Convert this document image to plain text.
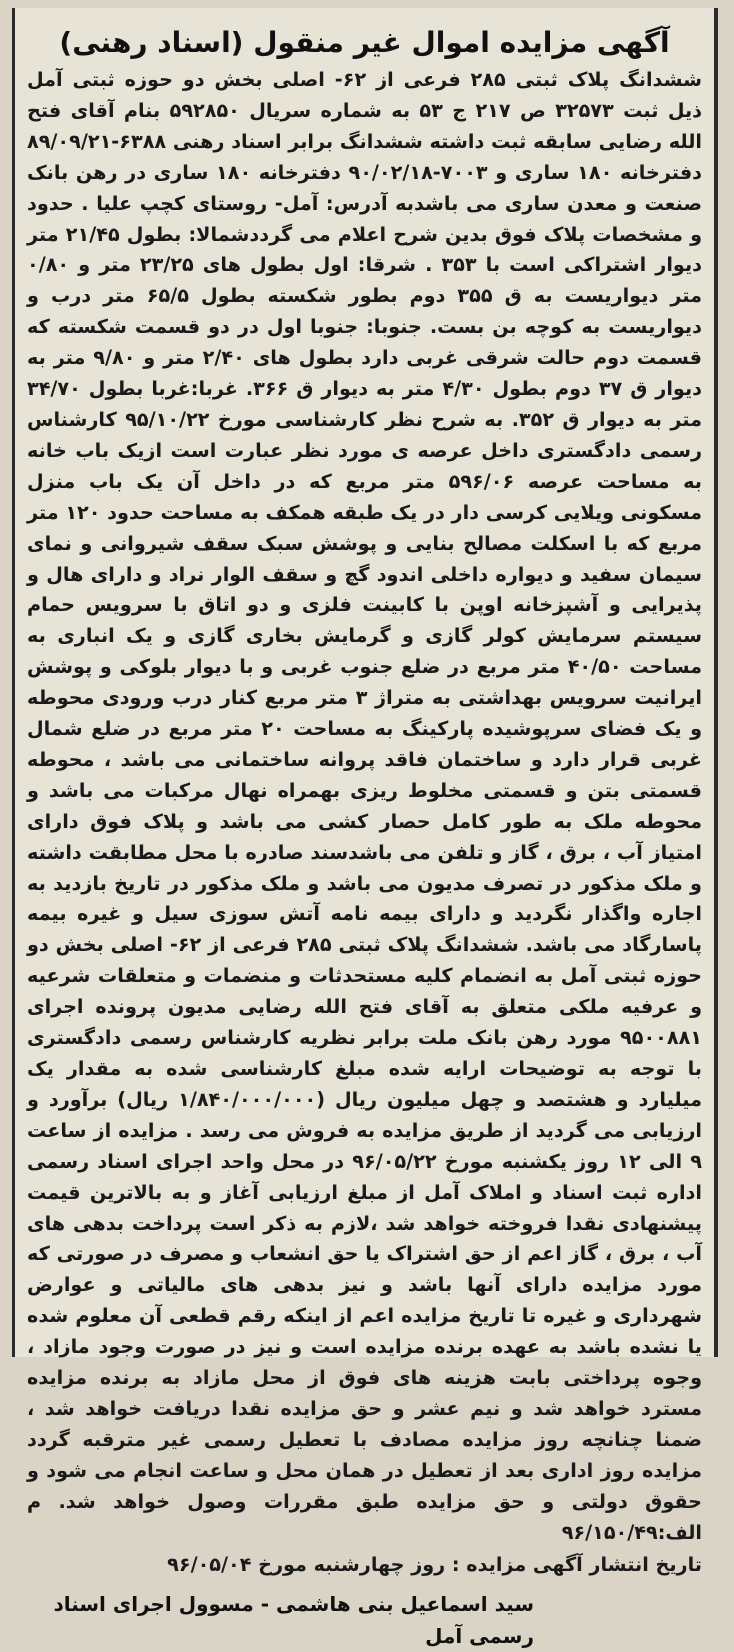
آگهی مزایده اموال غیر منقول (اسناد رهنی)
ششدانگ پلاک ثبتی ۲۸۵ فرعی از ۶۲- اصلی بخش دو حوزه ثبتی آمل ذیل ثبت ۳۲۵۷۳ ص ۲۱۷ ج ۵۳ به شماره سریال ۵۹۲۸۵۰ بنام آقای فتح الله رضایی سابقه ثبت داشته ششدانگ برابر اسناد رهنی ۶۳۸۸-۸۹/۰۹/۲۱ دفترخانه ۱۸۰ ساری و ۷۰۰۳-۹۰/۰۲/۱۸ دفترخانه ۱۸۰ ساری در رهن بانک صنعت و معدن ساری می باشدبه آدرس: آمل- روستای کچپ علیا . حدود و مشخصات پلاک فوق بدین شرح اعلام می گرددشمالا: بطول ۲۱/۴۵ متر دیوار اشتراکی است با ۳۵۳ . شرقا: اول بطول های ۲۳/۲۵ متر و ۰/۸۰ متر دیواریست به ق ۳۵۵ دوم بطور شکسته بطول ۶۵/۵ متر درب و دیواریست به کوچه بن بست. جنوبا: جنوبا اول در دو قسمت شکسته که قسمت دوم حالت شرقی غربی دارد بطول های ۲/۴۰ متر و ۹/۸۰ متر به دیوار ق ۳۷ دوم بطول ۴/۳۰ متر به دیوار ق ۳۶۶. غربا:غربا بطول ۳۴/۷۰ متر به دیوار ق ۳۵۲. به شرح نظر کارشناسی مورخ ۹۵/۱۰/۲۲ کارشناس رسمی دادگستری داخل عرصه ی مورد نظر عبارت است ازیک باب خانه به مساحت عرصه ۵۹۶/۰۶ متر مربع که در داخل آن یک باب منزل مسکونی ویلایی کرسی دار در یک طبقه همکف به مساحت حدود ۱۲۰ متر مربع که با اسکلت مصالح بنایی و پوشش سبک سقف شیروانی و نمای سیمان سفید و دیواره داخلی اندود گچ و سقف الوار نراد و دارای هال و پذیرایی و آشپزخانه اوپن با کابینت فلزی و دو اتاق با سرویس حمام سیستم سرمایش کولر گازی و گرمایش بخاری گازی و یک انباری به مساحت ۴۰/۵۰ متر مربع در ضلع جنوب غربی و با دیوار بلوکی و پوشش ایرانیت سرویس بهداشتی به متراژ ۳ متر مربع کنار درب ورودی محوطه و یک فضای سرپوشیده پارکینگ به مساحت ۲۰ متر مربع در ضلع شمال غربی قرار دارد و ساختمان فاقد پروانه ساختمانی می باشد ، محوطه قسمتی بتن و قسمتی مخلوط ریزی بهمراه نهال مرکبات می باشد و محوطه ملک به طور کامل حصار کشی می باشد و پلاک فوق دارای امتیاز آب ، برق ، گاز و تلفن می باشدسند صادره با محل مطابقت داشته و ملک مذکور در تصرف مدیون می باشد و ملک مذکور در تاریخ بازدید به اجاره واگذار نگردید و دارای بیمه نامه آتش سوزی سیل و غیره بیمه پاسارگاد می باشد. ششدانگ پلاک ثبتی ۲۸۵ فرعی از ۶۲- اصلی بخش دو حوزه ثبتی آمل به انضمام کلیه مستحدثات و منضمات و متعلقات شرعیه و عرفیه ملکی متعلق به آقای فتح الله رضایی مدیون پرونده اجرای ۹۵۰۰۸۸۱ مورد رهن بانک ملت برابر نظریه کارشناس رسمی دادگستری با توجه به توضیحات ارایه شده مبلغ کارشناسی شده به مقدار یک میلیارد و هشتصد و چهل میلیون ریال (۱/۸۴۰/۰۰۰/۰۰۰ ریال) برآورد و ارزیابی می گردید از طریق مزایده به فروش می رسد . مزایده از ساعت ۹ الی ۱۲ روز یکشنبه مورخ ۹۶/۰۵/۲۲ در محل واحد اجرای اسناد رسمی اداره ثبت اسناد و املاک آمل از مبلغ ارزیابی آغاز و به بالاترین قیمت پیشنهادی نقدا فروخته خواهد شد ،لازم به ذکر است پرداخت بدهی های آب ، برق ، گاز اعم از حق اشتراک یا حق انشعاب و مصرف در صورتی که مورد مزایده دارای آنها باشد و نیز بدهی های مالیاتی و عوارض شهرداری و غیره تا تاریخ مزایده اعم از اینکه رقم قطعی آن معلوم شده یا نشده باشد به عهده برنده مزایده است و نیز در صورت وجود مازاد ، وجوه پرداختی بابت هزینه های فوق از محل مازاد به برنده مزایده مسترد خواهد شد و نیم عشر و حق مزایده نقدا دریافت خواهد شد ، ضمنا چنانچه روز مزایده مصادف با تعطیل رسمی غیر مترقبه گردد مزایده روز اداری بعد از تعطیل در همان محل و ساعت انجام می شود و حقوق دولتی و حق مزایده طبق مقررات وصول خواهد شد. م الف:۹۶/۱۵۰/۴۹
تاریخ انتشار آگهی مزایده : روز چهارشنبه مورخ ۹۶/۰۵/۰۴
سید اسماعیل بنی هاشمی - مسوول اجرای اسناد رسمی آمل
